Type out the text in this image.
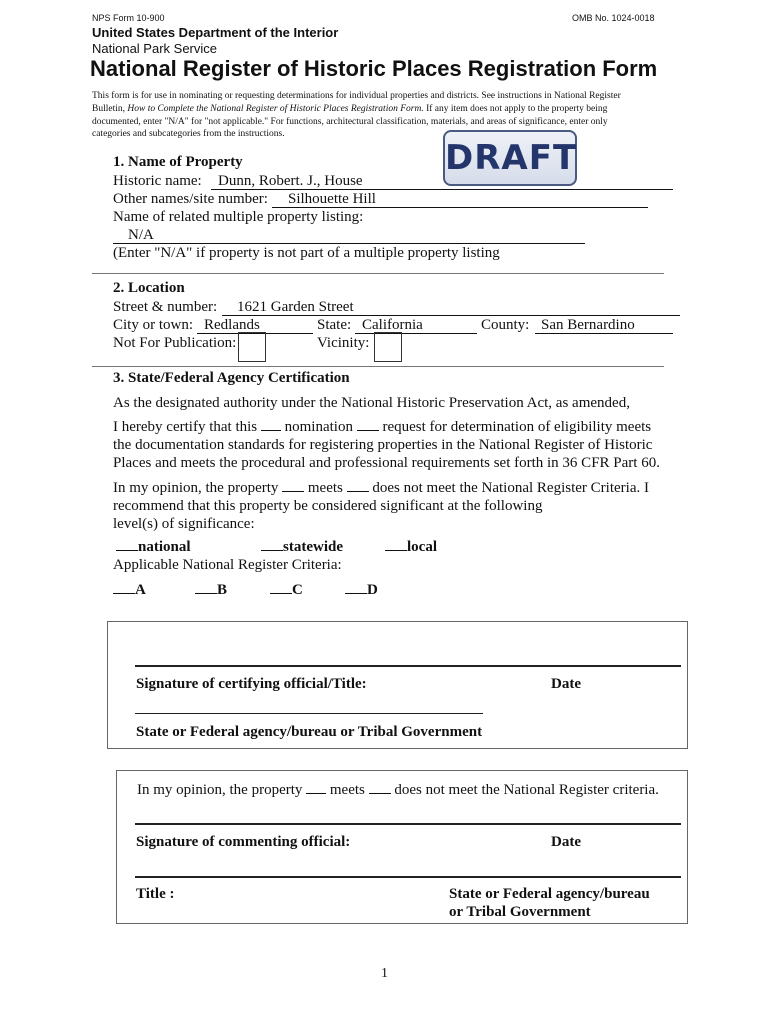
NPS Form 10-900	OMB No. 1024-0018
United States Department of the Interior
National Park Service
National Register of Historic Places Registration Form
This form is for use in nominating or requesting determinations for individual properties and districts. See instructions in National Register
Bulletin, How to Complete the National Register of Historic Places Registration Form. If any item does not apply to the property being
documented, enter "N/A" for "not applicable." For functions, architectural classification, materials, and areas of significance, enter only
categories and subcategories from the instructions.
DRAFT
1. Name of Property
Historic name: Dunn, Robert. J., House
Other names/site number: Silhouette Hill
Name of related multiple property listing:
N/A
(Enter "N/A" if property is not part of a multiple property listing
2. Location
Street & number: 1621 Garden Street
City or town: Redlands	State: California	County: San Bernardino
Not For Publication:	Vicinity:
3. State/Federal Agency Certification
As the designated authority under the National Historic Preservation Act, as amended,
I hereby certify that this nomination request for determination of eligibility meets
the documentation standards for registering properties in the National Register of Historic
Places and meets the procedural and professional requirements set forth in 36 CFR Part 60.
In my opinion, the property meets does not meet the National Register Criteria. I
recommend that this property be considered significant at the following
level(s) of significance:
national	statewide	local
Applicable National Register Criteria:
A	B	C	D
Signature of certifying official/Title:	Date
State or Federal agency/bureau or Tribal Government
In my opinion, the property meets does not meet the National Register criteria.
Signature of commenting official:	Date
Title :	State or Federal agency/bureau
or Tribal Government
1
